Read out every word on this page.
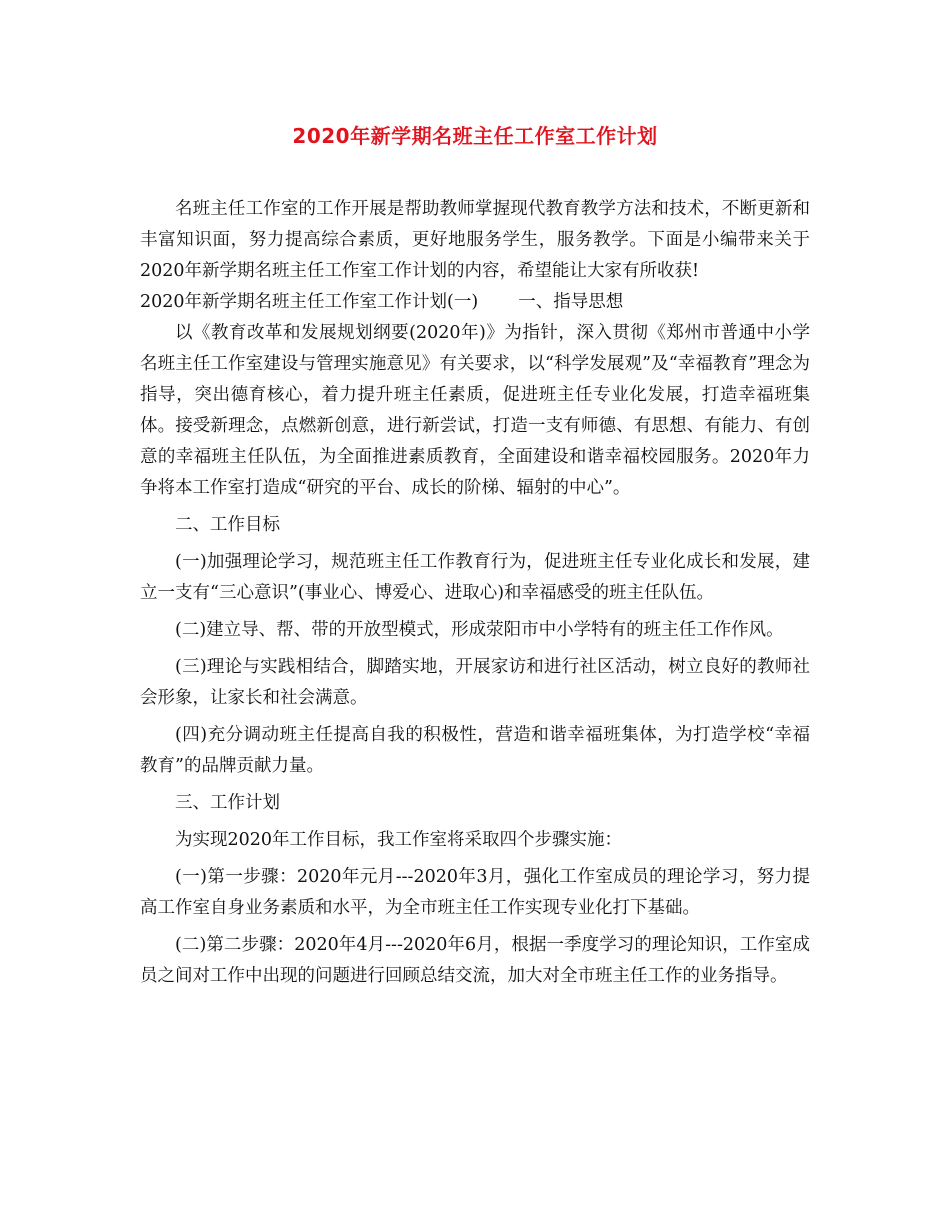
2020年新学期名班主任工作室工作计划

名班主任工作室的工作开展是帮助教师掌握现代教育教学方法和技术，不断更新和丰富知识面，努力提高综合素质，更好地服务学生，服务教学。下面是小编带来关于2020年新学期名班主任工作室工作计划的内容，希望能让大家有所收获!

2020年新学期名班主任工作室工作计划(一) 一、指导思想

以《教育改革和发展规划纲要(2020年)》为指针，深入贯彻《郑州市普通中小学名班主任工作室建设与管理实施意见》有关要求，以“科学发展观”及“幸福教育”理念为指导，突出德育核心，着力提升班主任素质，促进班主任专业化发展，打造幸福班集体。接受新理念，点燃新创意，进行新尝试，打造一支有师德、有思想、有能力、有创意的幸福班主任队伍，为全面推进素质教育，全面建设和谐幸福校园服务。2020年力争将本工作室打造成“研究的平台、成长的阶梯、辐射的中心”。

二、工作目标

(一)加强理论学习，规范班主任工作教育行为，促进班主任专业化成长和发展，建立一支有“三心意识”(事业心、博爱心、进取心)和幸福感受的班主任队伍。

(二)建立导、帮、带的开放型模式，形成荥阳市中小学特有的班主任工作作风。

(三)理论与实践相结合，脚踏实地，开展家访和进行社区活动，树立良好的教师社会形象，让家长和社会满意。

(四)充分调动班主任提高自我的积极性，营造和谐幸福班集体，为打造学校“幸福教育”的品牌贡献力量。

三、工作计划

为实现2020年工作目标，我工作室将采取四个步骤实施：

(一)第一步骤：2020年元月---2020年3月，强化工作室成员的理论学习，努力提高工作室自身业务素质和水平，为全市班主任工作实现专业化打下基础。

(二)第二步骤：2020年4月---2020年6月，根据一季度学习的理论知识，工作室成员之间对工作中出现的问题进行回顾总结交流，加大对全市班主任工作的业务指导。
